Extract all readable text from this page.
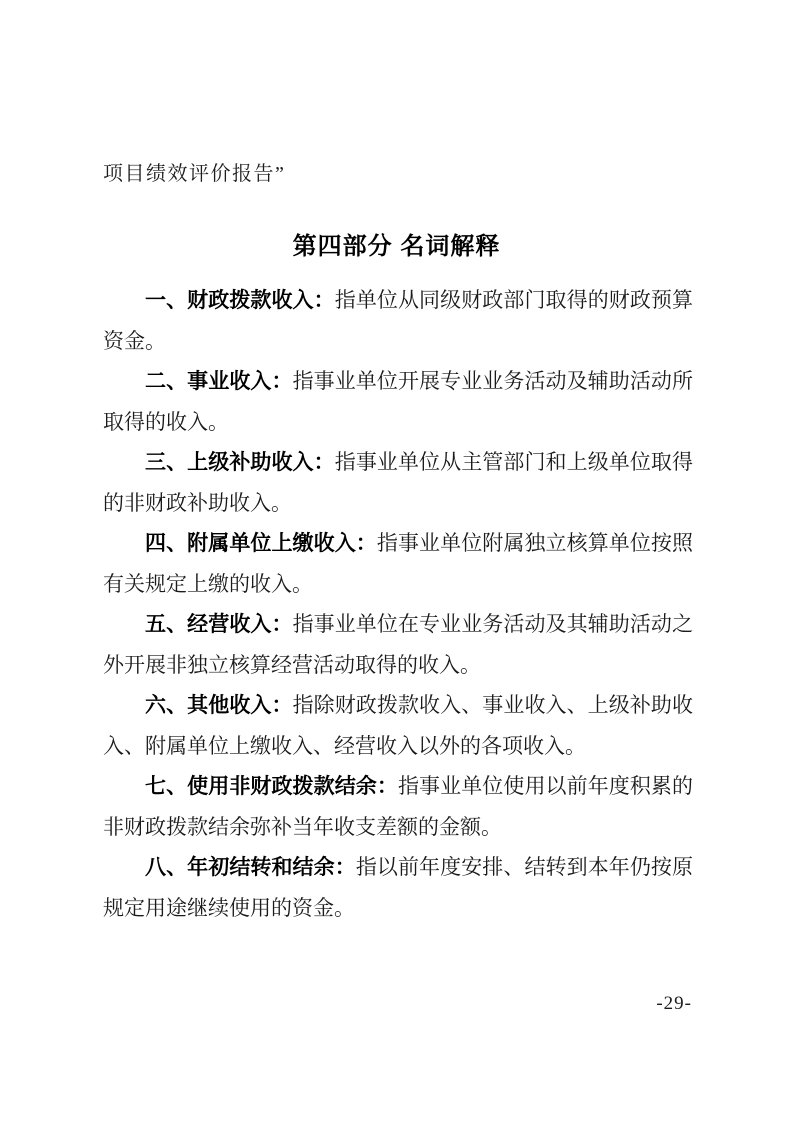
项目绩效评价报告”
第四部分 名词解释

一、财政拨款收入：指单位从同级财政部门取得的财政预算资金。

二、事业收入：指事业单位开展专业业务活动及辅助活动所取得的收入。

三、上级补助收入：指事业单位从主管部门和上级单位取得的非财政补助收入。

四、附属单位上缴收入：指事业单位附属独立核算单位按照有关规定上缴的收入。

五、经营收入：指事业单位在专业业务活动及其辅助活动之外开展非独立核算经营活动取得的收入。

六、其他收入：指除财政拨款收入、事业收入、上级补助收入、附属单位上缴收入、经营收入以外的各项收入。

七、使用非财政拨款结余：指事业单位使用以前年度积累的非财政拨款结余弥补当年收支差额的金额。

八、年初结转和结余：指以前年度安排、结转到本年仍按原规定用途继续使用的资金。

-29-
